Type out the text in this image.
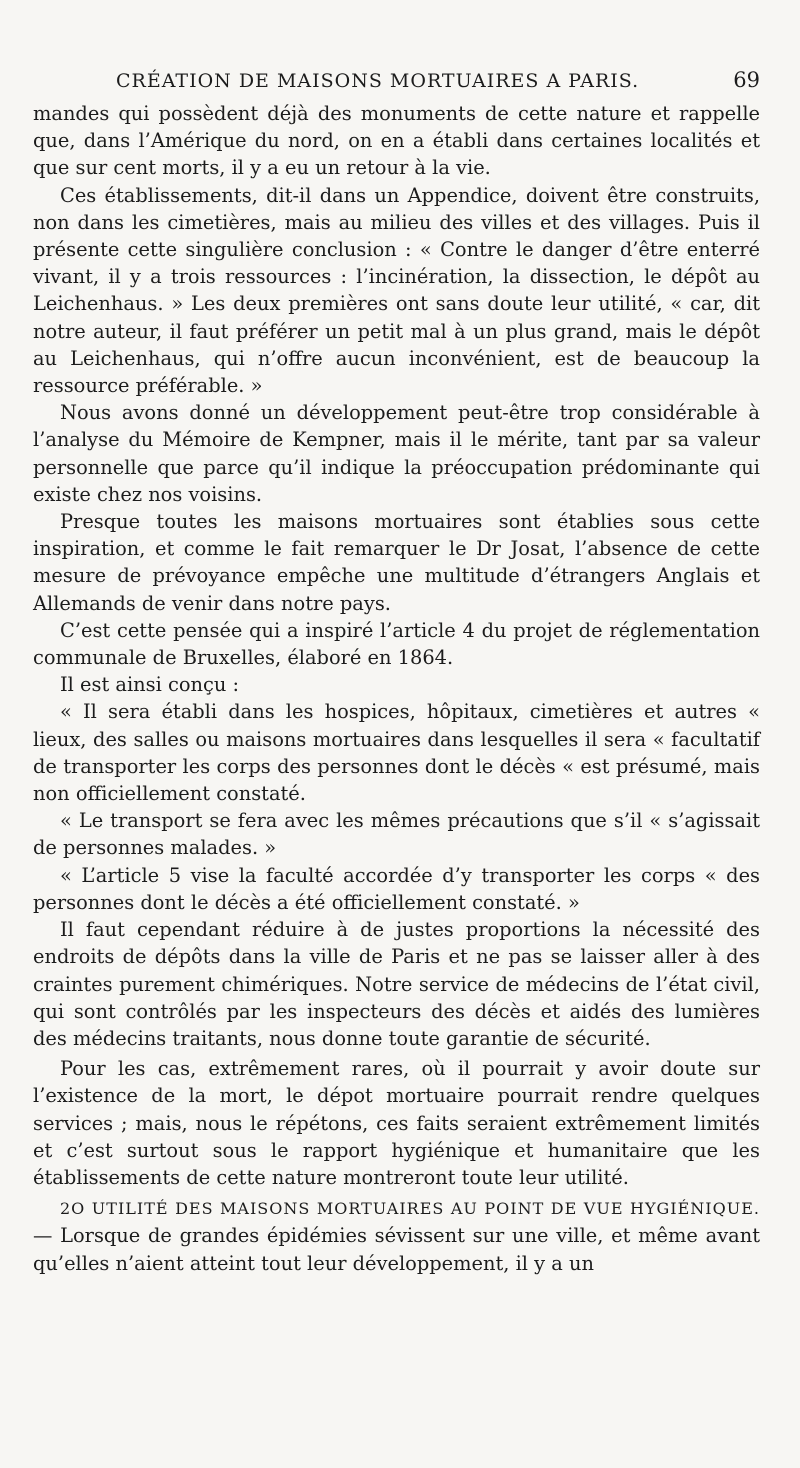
CRÉATION DE MAISONS MORTUAIRES A PARIS.	69

mandes qui possèdent déjà des monuments de cette nature et rappelle que, dans l’Amérique du nord, on en a établi dans certaines localités et que sur cent morts, il y a eu un retour à la vie.

Ces établissements, dit-il dans un Appendice, doivent être construits, non dans les cimetières, mais au milieu des villes et des villages. Puis il présente cette singulière conclusion : « Contre le danger d’être enterré vivant, il y a trois ressources : l’incinération, la dissection, le dépôt au Leichenhaus. » Les deux premières ont sans doute leur utilité, « car, dit notre auteur, il faut préférer un petit mal à un plus grand, mais le dépôt au Leichenhaus, qui n’offre aucun inconvénient, est de beaucoup la ressource préférable. »

Nous avons donné un développement peut-être trop considérable à l’analyse du Mémoire de Kempner, mais il le mérite, tant par sa valeur personnelle que parce qu’il indique la préoccupation prédominante qui existe chez nos voisins.

Presque toutes les maisons mortuaires sont établies sous cette inspiration, et comme le fait remarquer le Dr Josat, l’absence de cette mesure de prévoyance empêche une multitude d’étrangers Anglais et Allemands de venir dans notre pays.

C’est cette pensée qui a inspiré l’article 4 du projet de réglementation communale de Bruxelles, élaboré en 1864.

Il est ainsi conçu :

« Il sera établi dans les hospices, hôpitaux, cimetières et autres « lieux, des salles ou maisons mortuaires dans lesquelles il sera « facultatif de transporter les corps des personnes dont le décès « est présumé, mais non officiellement constaté.

« Le transport se fera avec les mêmes précautions que s’il « s’agissait de personnes malades. »

« L’article 5 vise la faculté accordée d’y transporter les corps « des personnes dont le décès a été officiellement constaté. »

Il faut cependant réduire à de justes proportions la nécessité des endroits de dépôts dans la ville de Paris et ne pas se laisser aller à des craintes purement chimériques. Notre service de médecins de l’état civil, qui sont contrôlés par les inspecteurs des décès et aidés des lumières des médecins traitants, nous donne toute garantie de sécurité.

Pour les cas, extrêmement rares, où il pourrait y avoir doute sur l’existence de la mort, le dépot mortuaire pourrait rendre quelques services ; mais, nous le répétons, ces faits seraient extrêmement limités et c’est surtout sous le rapport hygiénique et humanitaire que les établissements de cette nature montreront toute leur utilité.

2O UTILITÉ DES MAISONS MORTUAIRES AU POINT DE VUE HYGIÉNIQUE. — Lorsque de grandes épidémies sévissent sur une ville, et même avant qu’elles n’aient atteint tout leur développement, il y a un
